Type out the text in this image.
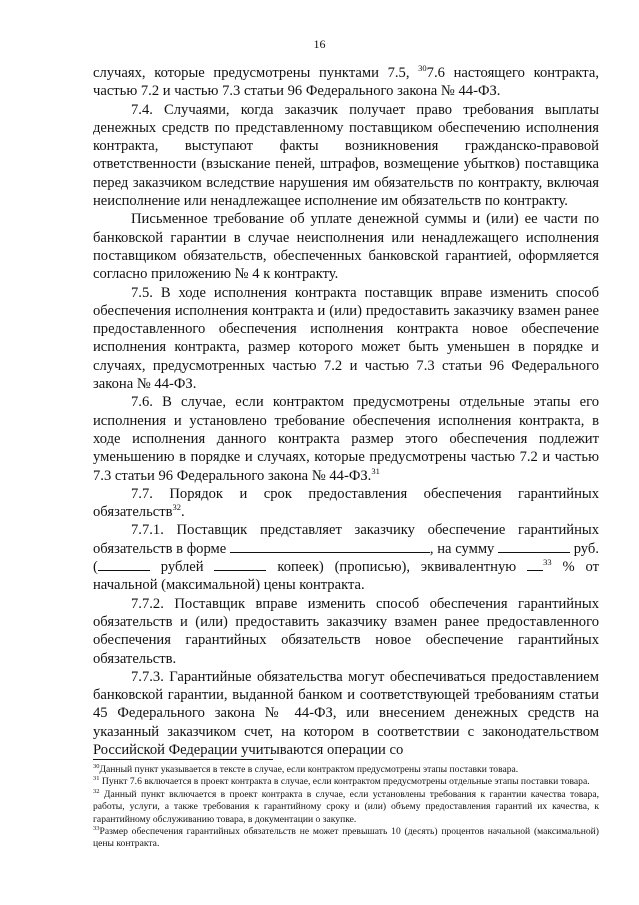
16

случаях, которые предусмотрены пунктами 7.5, $^{30}$7.6 настоящего контракта, частью 7.2 и частью 7.3 статьи 96 Федерального закона № 44-ФЗ.

7.4. Случаями, когда заказчик получает право требования выплаты денежных средств по представленному поставщиком обеспечению исполнения контракта, выступают факты возникновения гражданско-правовой ответственности (взыскание пеней, штрафов, возмещение убытков) поставщика перед заказчиком вследствие нарушения им обязательств по контракту, включая неисполнение или ненадлежащее исполнение им обязательств по контракту.

Письменное требование об уплате денежной суммы и (или) ее части по банковской гарантии в случае неисполнения или ненадлежащего исполнения поставщиком обязательств, обеспеченных банковской гарантией, оформляется согласно приложению № 4 к контракту.

7.5. В ходе исполнения контракта поставщик вправе изменить способ обеспечения исполнения контракта и (или) предоставить заказчику взамен ранее предоставленного обеспечения исполнения контракта новое обеспечение исполнения контракта, размер которого может быть уменьшен в порядке и случаях, предусмотренных частью 7.2 и частью 7.3 статьи 96 Федерального закона № 44-ФЗ.

7.6. В случае, если контрактом предусмотрены отдельные этапы его исполнения и установлено требование обеспечения исполнения контракта, в ходе исполнения данного контракта размер этого обеспечения подлежит уменьшению в порядке и случаях, которые предусмотрены частью 7.2 и частью 7.3 статьи 96 Федерального закона № 44-ФЗ.$^{31}$

7.7. Порядок и срок предоставления обеспечения гарантийных обязательств$^{32}$.

7.7.1. Поставщик представляет заказчику обеспечение гарантийных обязательств в форме	, на сумму	руб. (	рублей	копеек) (прописью), эквивалентную	$^{33}$ % от начальной (максимальной) цены контракта.

7.7.2. Поставщик вправе изменить способ обеспечения гарантийных обязательств и (или) предоставить заказчику взамен ранее предоставленного обеспечения гарантийных обязательств новое обеспечение гарантийных обязательств.

7.7.3. Гарантийные обязательства могут обеспечиваться предоставлением банковской гарантии, выданной банком и соответствующей требованиям статьи 45 Федерального закона № 44-ФЗ, или внесением денежных средств на указанный заказчиком счет, на котором в соответствии с законодательством Российской Федерации учитываются операции со

$^{30}$Данный пункт указывается в тексте в случае, если контрактом предусмотрены этапы поставки товара.

$^{31}$ Пункт 7.6 включается в проект контракта в случае, если контрактом предусмотрены отдельные этапы поставки товара.

$^{32}$ Данный пункт включается в проект контракта в случае, если установлены требования к гарантии качества товара, работы, услуги, а также требования к гарантийному сроку и (или) объему предоставления гарантий их качества, к гарантийному обслуживанию товара, в документации о закупке.

$^{33}$Размер обеспечения гарантийных обязательств не может превышать 10 (десять) процентов начальной (максимальной) цены контракта.
